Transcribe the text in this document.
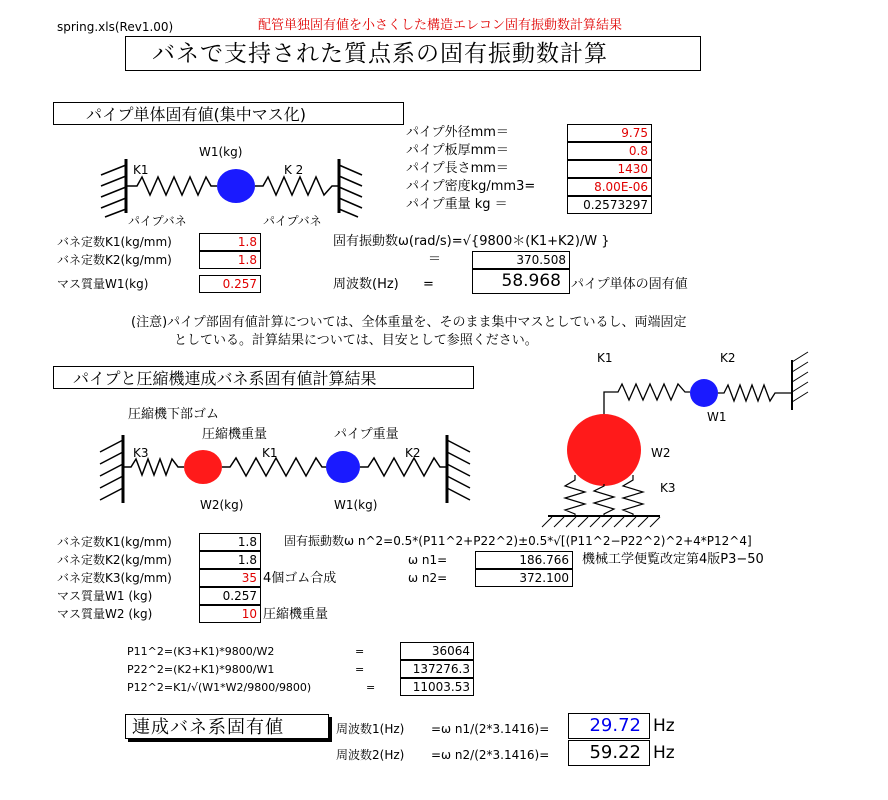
spring.xls(Rev1.00)	配管単独固有値を小さくした構造エレコン固有振動数計算結果
バネで支持された質点系の固有振動数計算
パイプ単体固有値(集中マス化)
W1(kg)
K1	K 2
パイプバネ	パイプバネ
パイプ外径mm＝	9.75
パイプ板厚mm＝	0.8
パイプ長さmm＝	1430
パイプ密度kg/mm3=	8.00E-06
パイプ重量 kg ＝	0.2573297
バネ定数K1(kg/mm)	1.8
バネ定数K2(kg/mm)	1.8
マス質量W1(kg)	0.257
固有振動数ω(rad/s)=√{9800＊(K1+K2)/W }
＝	370.508
周波数(Hz) =	58.968 パイプ単体の固有値
(注意)パイプ部固有値計算については、全体重量を、そのまま集中マスとしているし、両端固定
としている。計算結果については、目安として参照ください。
K1	K2
W1
W2
K3
パイプと圧縮機連成バネ系固有値計算結果
圧縮機下部ゴム
圧縮機重量	パイプ重量
K3	K1	K2
W2(kg)	W1(kg)
バネ定数K1(kg/mm)	1.8
バネ定数K2(kg/mm)	1.8
バネ定数K3(kg/mm)	35 4個ゴム合成
マス質量W1 (kg)	0.257
マス質量W2 (kg)	10 圧縮機重量
固有振動数ω n^2=0.5*(P11^2+P22^2)±0.5*√[(P11^2−P22^2)^2+4*P12^4]
ω n1=	186.766	機械工学便覧改定第4版P3−50
ω n2=	372.100
P11^2=(K3+K1)*9800/W2	=	36064
P22^2=(K2+K1)*9800/W1	=	137276.3
P12^2=K1/√(W1*W2/9800/9800)	=	11003.53
連成バネ系固有値	周波数1(Hz) =ω n1/(2*3.1416)=	29.72 Hz
周波数2(Hz) =ω n2/(2*3.1416)=	59.22 Hz
